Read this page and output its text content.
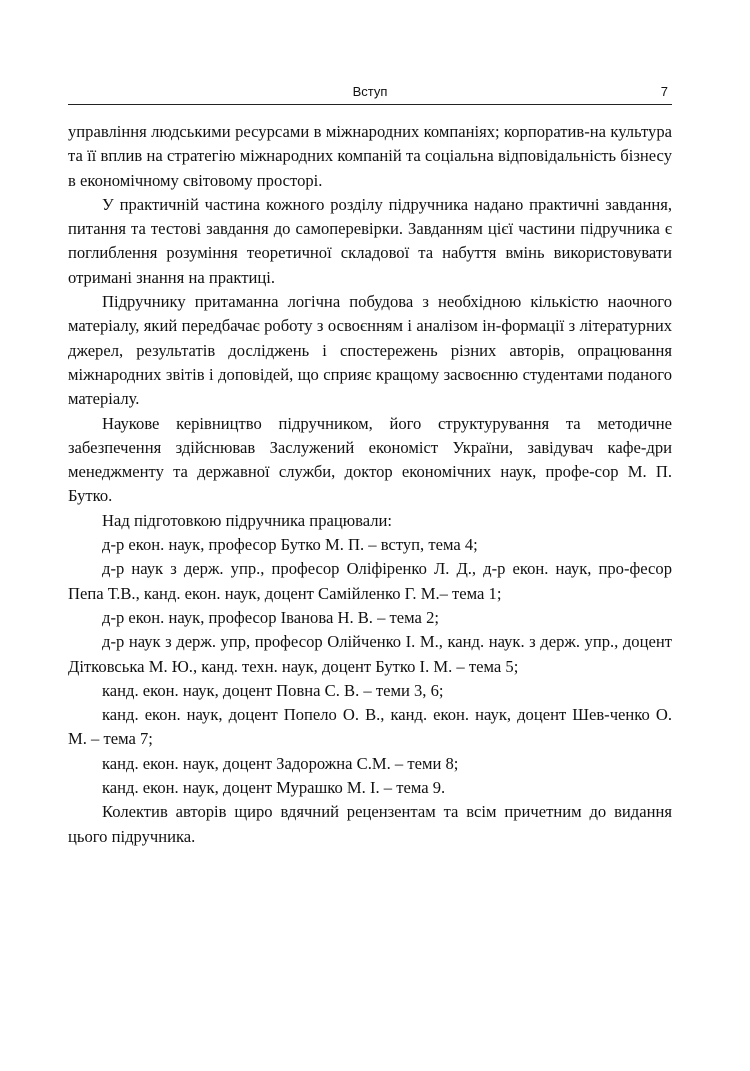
Вступ	7

управління людськими ресурсами в міжнародних компаніях; корпоратив-на культура та її вплив на стратегію міжнародних компаній та соціальна відповідальність бізнесу в економічному світовому просторі.

У практичній частина кожного розділу підручника надано практичні завдання, питання та тестові завдання до самоперевірки. Завданням цієї частини підручника є поглиблення розуміння теоретичної складової та набуття вмінь використовувати отримані знання на практиці.

Підручнику притаманна логічна побудова з необхідною кількістю наочного матеріалу, який передбачає роботу з освоєнням і аналізом ін-формації з літературних джерел, результатів досліджень і спостережень різних авторів, опрацювання міжнародних звітів і доповідей, що сприяє кращому засвоєнню студентами поданого матеріалу.

Наукове керівництво підручником, його структурування та методичне забезпечення здійснював Заслужений економіст України, завідувач кафе-дри менеджменту та державної служби, доктор економічних наук, профе-сор М. П. Бутко.

Над підготовкою підручника працювали:

д-р екон. наук, професор Бутко М. П. – вступ, тема 4;

д-р наук з держ. упр., професор Оліфіренко Л. Д., д-р екон. наук, про-фесор Пепа Т.В., канд. екон. наук, доцент Самійленко Г. М.– тема 1;

д-р екон. наук, професор Іванова Н. В. – тема 2;

д-р наук з держ. упр, професор Олійченко І. М., канд. наук. з держ. упр., доцент Дітковська М. Ю., канд. техн. наук, доцент Бутко І. М. – тема 5;

канд. екон. наук, доцент Повна С. В. – теми 3, 6;

канд. екон. наук, доцент Попело О. В., канд. екон. наук, доцент Шев-ченко О. М. – тема 7;

канд. екон. наук, доцент Задорожна С.М. – теми 8;

канд. екон. наук, доцент Мурашко М. І. – тема 9.

Колектив авторів щиро вдячний рецензентам та всім причетним до видання цього підручника.
